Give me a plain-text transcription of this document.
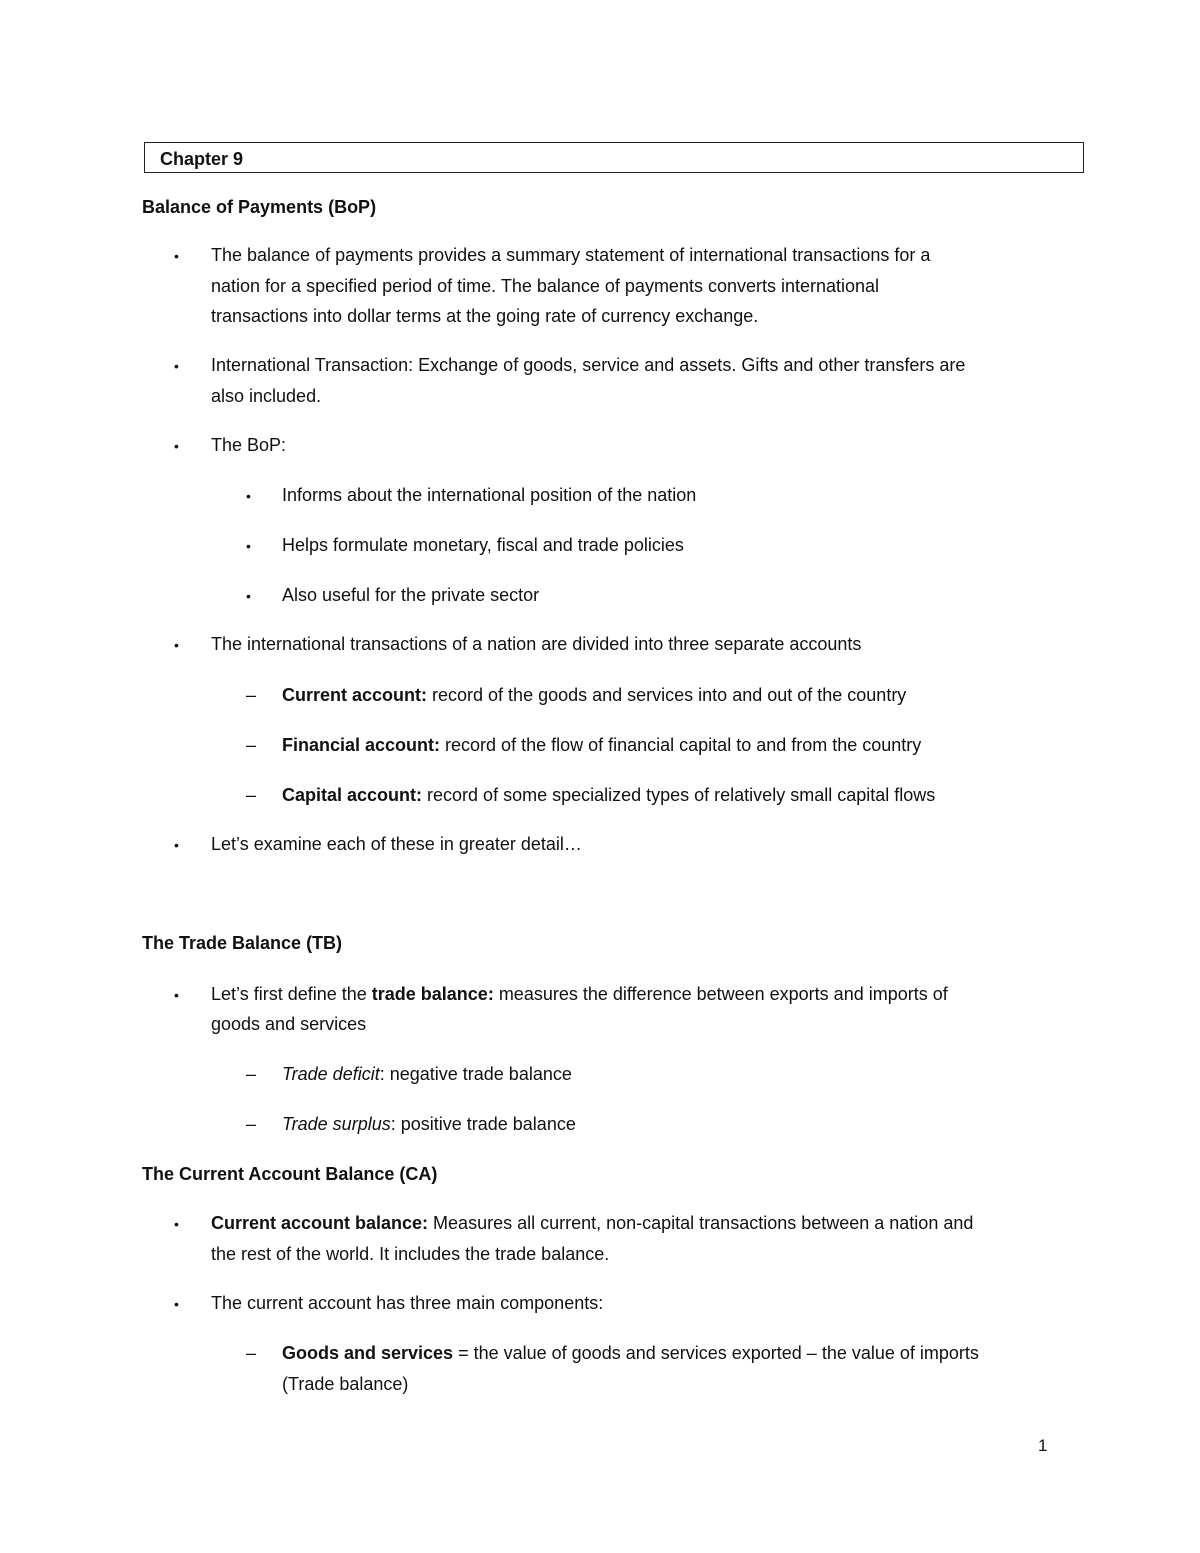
Chapter 9
Balance of Payments (BoP)
• The balance of payments provides a summary statement of international transactions for a
nation for a specified period of time. The balance of payments converts international
transactions into dollar terms at the going rate of currency exchange.
• International Transaction: Exchange of goods, service and assets. Gifts and other transfers are
also included.
• The BoP:
• Informs about the international position of the nation
• Helps formulate monetary, fiscal and trade policies
• Also useful for the private sector
• The international transactions of a nation are divided into three separate accounts
– Current account: record of the goods and services into and out of the country
– Financial account: record of the flow of financial capital to and from the country
– Capital account: record of some specialized types of relatively small capital flows
• Let’s examine each of these in greater detail…
The Trade Balance (TB)
• Let’s first define the trade balance: measures the difference between exports and imports of
goods and services
– Trade deficit: negative trade balance
– Trade surplus: positive trade balance
The Current Account Balance (CA)
• Current account balance: Measures all current, non-capital transactions between a nation and
the rest of the world. It includes the trade balance.
• The current account has three main components:
– Goods and services = the value of goods and services exported – the value of imports
(Trade balance)
1
